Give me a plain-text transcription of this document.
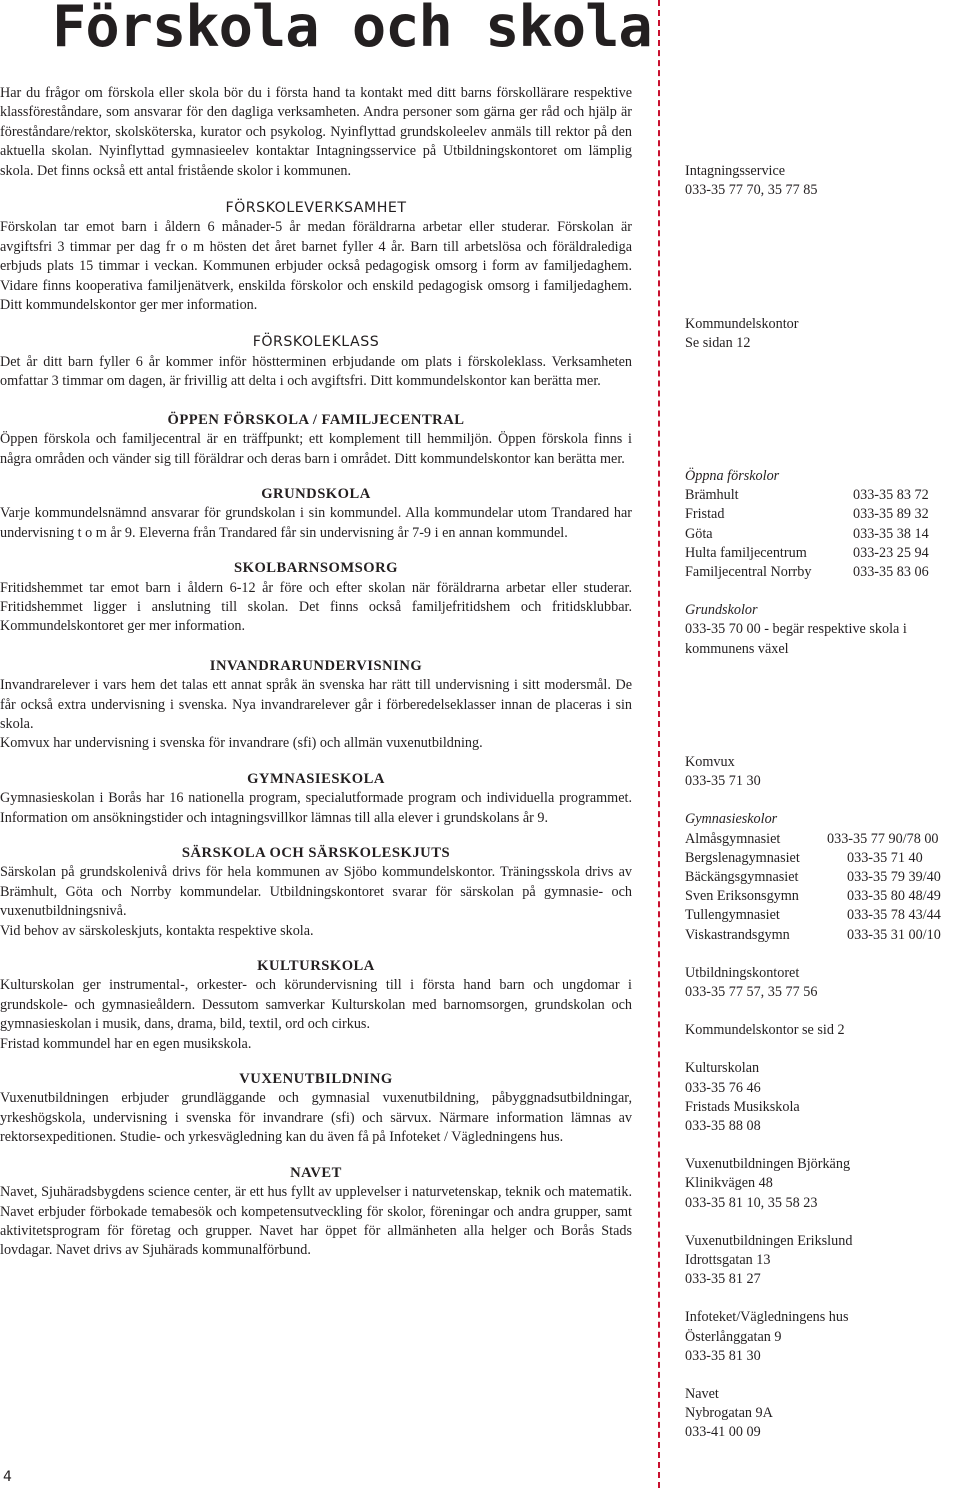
Förskola och skola

Har du frågor om förskola eller skola bör du i första hand ta kontakt med ditt barns förskollärare respektive klassföreståndare, som ansvarar för den dagliga verksamheten. Andra personer som gärna ger råd och hjälp är föreståndare/rektor, skolsköterska, kurator och psykolog. Nyinflyttad grundskoleelev anmäls till rektor på den aktuella skolan. Nyinflyttad gymnasieelev kontaktar Intagningsservice på Utbildningskontoret om lämplig skola. Det finns också ett antal fristående skolor i kommunen.

FÖRSKOLEVERKSAMHET

Förskolan tar emot barn i åldern 6 månader-5 år medan föräldrarna arbetar eller studerar. Förskolan är avgiftsfri 3 timmar per dag fr o m hösten det året barnet fyller 4 år. Barn till arbetslösa och föräldralediga erbjuds plats 15 timmar i veckan. Kommunen erbjuder också pedagogisk omsorg i form av familjedaghem. Vidare finns kooperativa familjenätverk, enskilda förskolor och enskild pedagogisk omsorg i familjedaghem. Ditt kommundelskontor ger mer information.

FÖRSKOLEKLASS

Det år ditt barn fyller 6 år kommer inför höstterminen erbjudande om plats i förskoleklass. Verksamheten omfattar 3 timmar om dagen, är frivillig att delta i och avgiftsfri. Ditt kommundelskontor kan berätta mer.

ÖPPEN FÖRSKOLA / FAMILJECENTRAL

Öppen förskola och familjecentral är en träffpunkt; ett komplement till hemmiljön. Öppen förskola finns i några områden och vänder sig till föräldrar och deras barn i området. Ditt kommundelskontor kan berätta mer.

GRUNDSKOLA

Varje kommundelsnämnd ansvarar för grundskolan i sin kommundel. Alla kommundelar utom Trandared har undervisning t o m år 9. Eleverna från Trandared får sin undervisning år 7-9 i en annan kommundel.

SKOLBARNSOMSORG

Fritidshemmet tar emot barn i åldern 6-12 år före och efter skolan när föräldrarna arbetar eller studerar. Fritidshemmet ligger i anslutning till skolan. Det finns också familjefritidshem och fritidsklubbar. Kommundelskontoret ger mer information.

INVANDRARUNDERVISNING

Invandrarelever i vars hem det talas ett annat språk än svenska har rätt till undervisning i sitt modersmål. De får också extra undervisning i svenska. Nya invandrarelever går i förberedelseklasser innan de placeras i sin skola.

Komvux har undervisning i svenska för invandrare (sfi) och allmän vuxenutbildning.

GYMNASIESKOLA

Gymnasieskolan i Borås har 16 nationella program, specialutformade program och individuella programmet. Information om ansökningstider och intagningsvillkor lämnas till alla elever i grundskolans år 9.

SÄRSKOLA OCH SÄRSKOLESKJUTS

Särskolan på grundskolenivå drivs för hela kommunen av Sjöbo kommundelskontor. Träningsskola drivs av Brämhult, Göta och Norrby kommundelar. Utbildningskontoret svarar för särskolan på gymnasie- och vuxenutbildningsnivå.

Vid behov av särskoleskjuts, kontakta respektive skola.

KULTURSKOLA

Kulturskolan ger instrumental-, orkester- och körundervisning till i första hand barn och ungdomar i grundskole- och gymnasieåldern. Dessutom samverkar Kulturskolan med barnomsorgen, grundskolan och gymnasieskolan i musik, dans, drama, bild, textil, ord och cirkus.

Fristad kommundel har en egen musikskola.

VUXENUTBILDNING

Vuxenutbildningen erbjuder grundläggande och gymnasial vuxenutbildning, påbyggnadsutbildningar, yrkeshögskola, undervisning i svenska för invandrare (sfi) och särvux. Närmare information lämnas av rektorsexpeditionen. Studie- och yrkesvägledning kan du även få på Infoteket / Vägledningens hus.

NAVET

Navet, Sjuhäradsbygdens science center, är ett hus fyllt av upplevelser i naturvetenskap, teknik och matematik. Navet erbjuder förbokade temabesök och kompetensutveckling för skolor, föreningar och andra grupper, samt aktivitetsprogram för företag och grupper. Navet har öppet för allmänheten alla helger och Borås Stads lovdagar. Navet drivs av Sjuhärads kommunalförbund.

Intagningsservice
033-35 77 70, 35 77 85
Kommundelskontor
Se sidan 12
Öppna förskolor
Brämhult	033-35 83 72
Fristad	033-35 89 32
Göta	033-35 38 14
Hulta familjecentrum	033-23 25 94
Familjecentral Norrby	033-35 83 06
Grundskolor
033-35 70 00 - begär respektive skola i
kommunens växel
Komvux
033-35 71 30
Gymnasieskolor
Almåsgymnasiet	033-35 77 90/78 00
Bergslenagymnasiet	033-35 71 40
Bäckängsgymnasiet	033-35 79 39/40
Sven Eriksonsgymn	033-35 80 48/49
Tullengymnasiet	033-35 78 43/44
Viskastrandsgymn	033-35 31 00/10
Utbildningskontoret
033-35 77 57, 35 77 56
Kommundelskontor se sid 2
Kulturskolan
033-35 76 46
Fristads Musikskola
033-35 88 08
Vuxenutbildningen Björkäng
Klinikvägen 48
033-35 81 10, 35 58 23
Vuxenutbildningen Erikslund
Idrottsgatan 13
033-35 81 27
Infoteket/Vägledningens hus
Österlånggatan 9
033-35 81 30
Navet
Nybrogatan 9A
033-41 00 09
4
